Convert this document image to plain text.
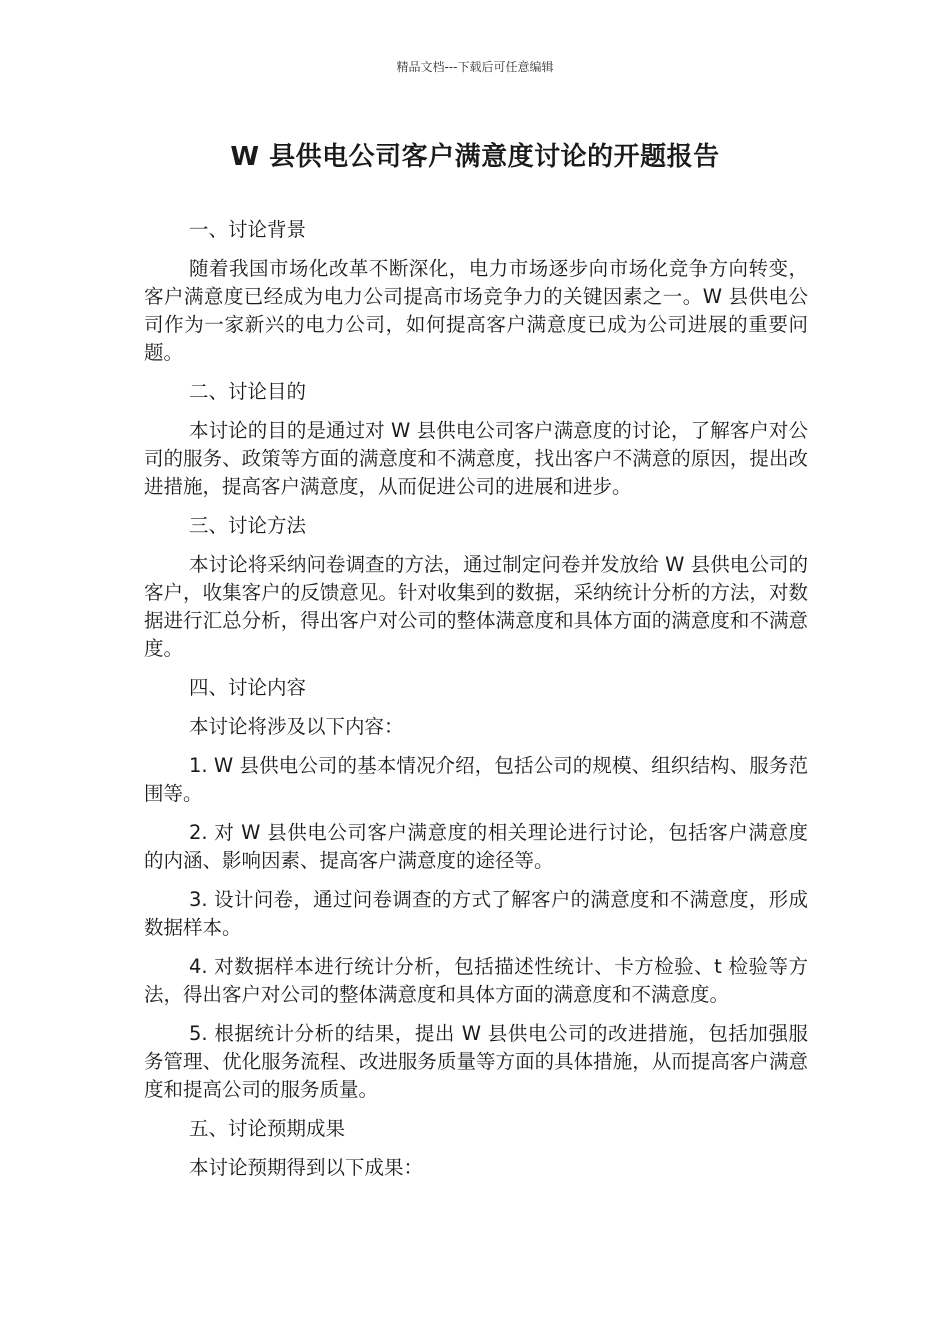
精品文档---下载后可任意编辑
W 县供电公司客户满意度讨论的开题报告

一、讨论背景

随着我国市场化改革不断深化，电力市场逐步向市场化竞争方向转变，客户满意度已经成为电力公司提高市场竞争力的关键因素之一。W 县供电公司作为一家新兴的电力公司，如何提高客户满意度已成为公司进展的重要问题。

二、讨论目的

本讨论的目的是通过对 W 县供电公司客户满意度的讨论，了解客户对公司的服务、政策等方面的满意度和不满意度，找出客户不满意的原因，提出改进措施，提高客户满意度，从而促进公司的进展和进步。

三、讨论方法

本讨论将采纳问卷调查的方法，通过制定问卷并发放给 W 县供电公司的客户，收集客户的反馈意见。针对收集到的数据，采纳统计分析的方法，对数据进行汇总分析，得出客户对公司的整体满意度和具体方面的满意度和不满意度。

四、讨论内容

本讨论将涉及以下内容：

1. W 县供电公司的基本情况介绍，包括公司的规模、组织结构、服务范围等。

2. 对 W 县供电公司客户满意度的相关理论进行讨论，包括客户满意度的内涵、影响因素、提高客户满意度的途径等。

3. 设计问卷，通过问卷调查的方式了解客户的满意度和不满意度，形成数据样本。

4. 对数据样本进行统计分析，包括描述性统计、卡方检验、t 检验等方法，得出客户对公司的整体满意度和具体方面的满意度和不满意度。

5. 根据统计分析的结果，提出 W 县供电公司的改进措施，包括加强服务管理、优化服务流程、改进服务质量等方面的具体措施，从而提高客户满意度和提高公司的服务质量。

五、讨论预期成果

本讨论预期得到以下成果：
